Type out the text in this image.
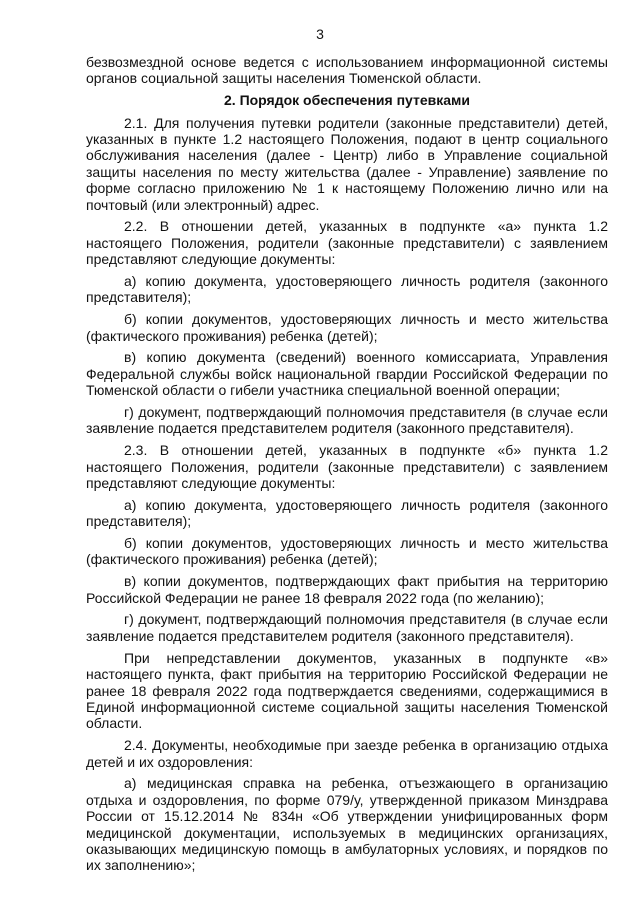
3

безвозмездной основе ведется с использованием информационной системы органов социальной защиты населения Тюменской области.

2. Порядок обеспечения путевками

2.1. Для получения путевки родители (законные представители) детей, указанных в пункте 1.2 настоящего Положения, подают в центр социального обслуживания населения (далее - Центр) либо в Управление социальной защиты населения по месту жительства (далее - Управление) заявление по форме согласно приложению № 1 к настоящему Положению лично или на почтовый (или электронный) адрес.

2.2. В отношении детей, указанных в подпункте «а» пункта 1.2 настоящего Положения, родители (законные представители) с заявлением представляют следующие документы:

а) копию документа, удостоверяющего личность родителя (законного представителя);

б) копии документов, удостоверяющих личность и место жительства (фактического проживания) ребенка (детей);

в) копию документа (сведений) военного комиссариата, Управления Федеральной службы войск национальной гвардии Российской Федерации по Тюменской области о гибели участника специальной военной операции;

г) документ, подтверждающий полномочия представителя (в случае если заявление подается представителем родителя (законного представителя).

2.3. В отношении детей, указанных в подпункте «б» пункта 1.2 настоящего Положения, родители (законные представители) с заявлением представляют следующие документы:

а) копию документа, удостоверяющего личность родителя (законного представителя);

б) копии документов, удостоверяющих личность и место жительства (фактического проживания) ребенка (детей);

в) копии документов, подтверждающих факт прибытия на территорию Российской Федерации не ранее 18 февраля 2022 года (по желанию);

г) документ, подтверждающий полномочия представителя (в случае если заявление подается представителем родителя (законного представителя).

При непредставлении документов, указанных в подпункте «в» настоящего пункта, факт прибытия на территорию Российской Федерации не ранее 18 февраля 2022 года подтверждается сведениями, содержащимися в Единой информационной системе социальной защиты населения Тюменской области.

2.4. Документы, необходимые при заезде ребенка в организацию отдыха детей и их оздоровления:

а) медицинская справка на ребенка, отъезжающего в организацию отдыха и оздоровления, по форме 079/у, утвержденной приказом Минздрава России от 15.12.2014 № 834н «Об утверждении унифицированных форм медицинской документации, используемых в медицинских организациях, оказывающих медицинскую помощь в амбулаторных условиях, и порядков по их заполнению»;
